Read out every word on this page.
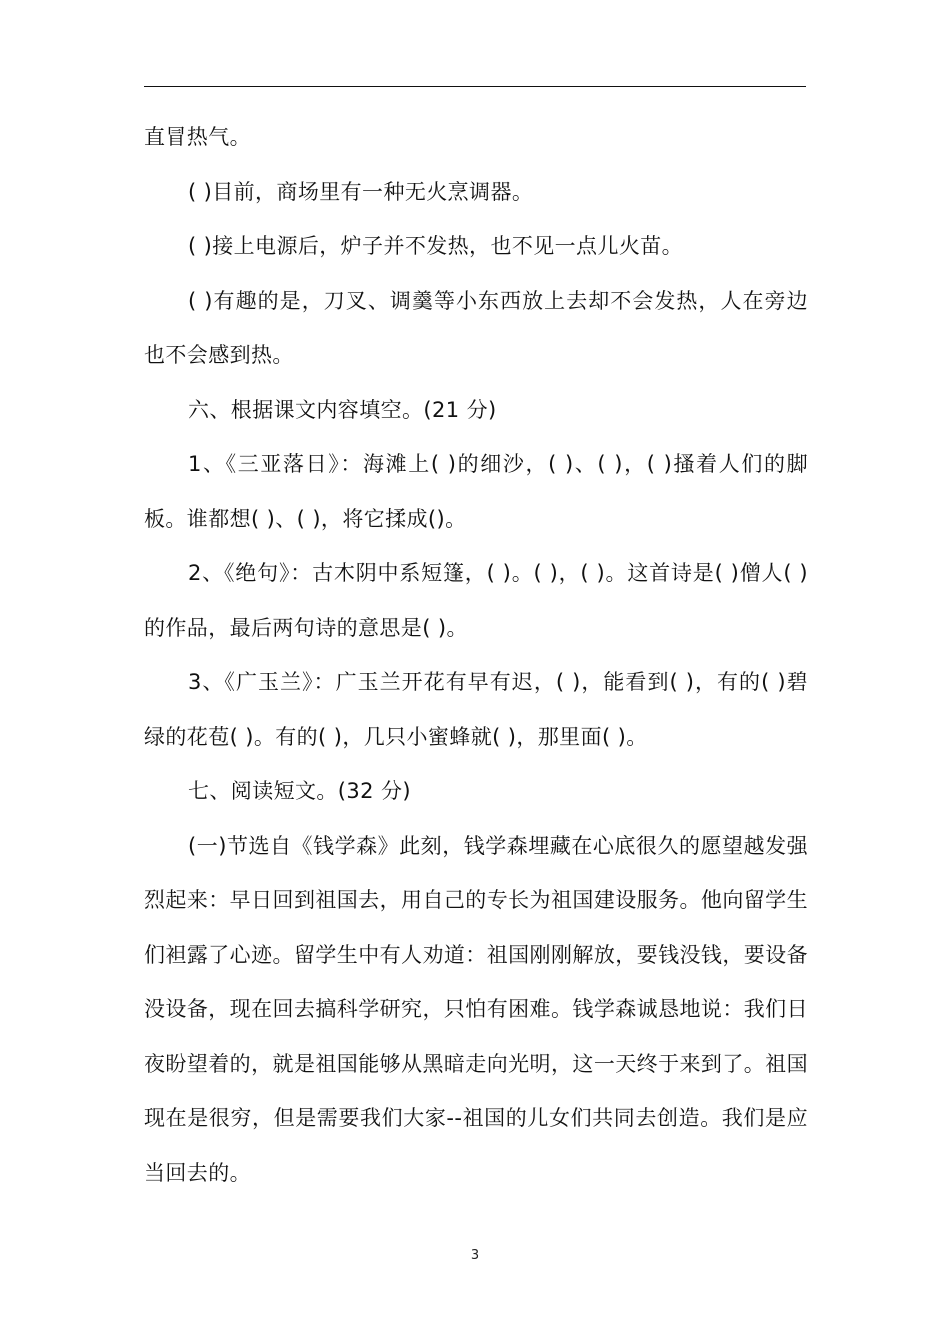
直冒热气。

( )目前，商场里有一种无火烹调器。

( )接上电源后，炉子并不发热，也不见一点儿火苗。

( )有趣的是，刀叉、调羹等小东西放上去却不会发热，人在旁边也不会感到热。

六、根据课文内容填空。(21 分)

1、《三亚落日》：海滩上( )的细沙，( )、( )，( )搔着人们的脚板。谁都想( )、( )，将它揉成()。

2、《绝句》：古木阴中系短篷，( )。( )，( )。这首诗是( )僧人( )的作品，最后两句诗的意思是( )。

3、《广玉兰》：广玉兰开花有早有迟，( )，能看到( )，有的( )碧绿的花苞( )。有的( )，几只小蜜蜂就( )，那里面( )。

七、阅读短文。(32 分)

(一)节选自《钱学森》此刻，钱学森埋藏在心底很久的愿望越发强烈起来：早日回到祖国去，用自己的专长为祖国建设服务。他向留学生们袒露了心迹。留学生中有人劝道：祖国刚刚解放，要钱没钱，要设备没设备，现在回去搞科学研究，只怕有困难。钱学森诚恳地说：我们日夜盼望着的，就是祖国能够从黑暗走向光明，这一天终于来到了。祖国现在是很穷，但是需要我们大家--祖国的儿女们共同去创造。我们是应当回去的。

3
